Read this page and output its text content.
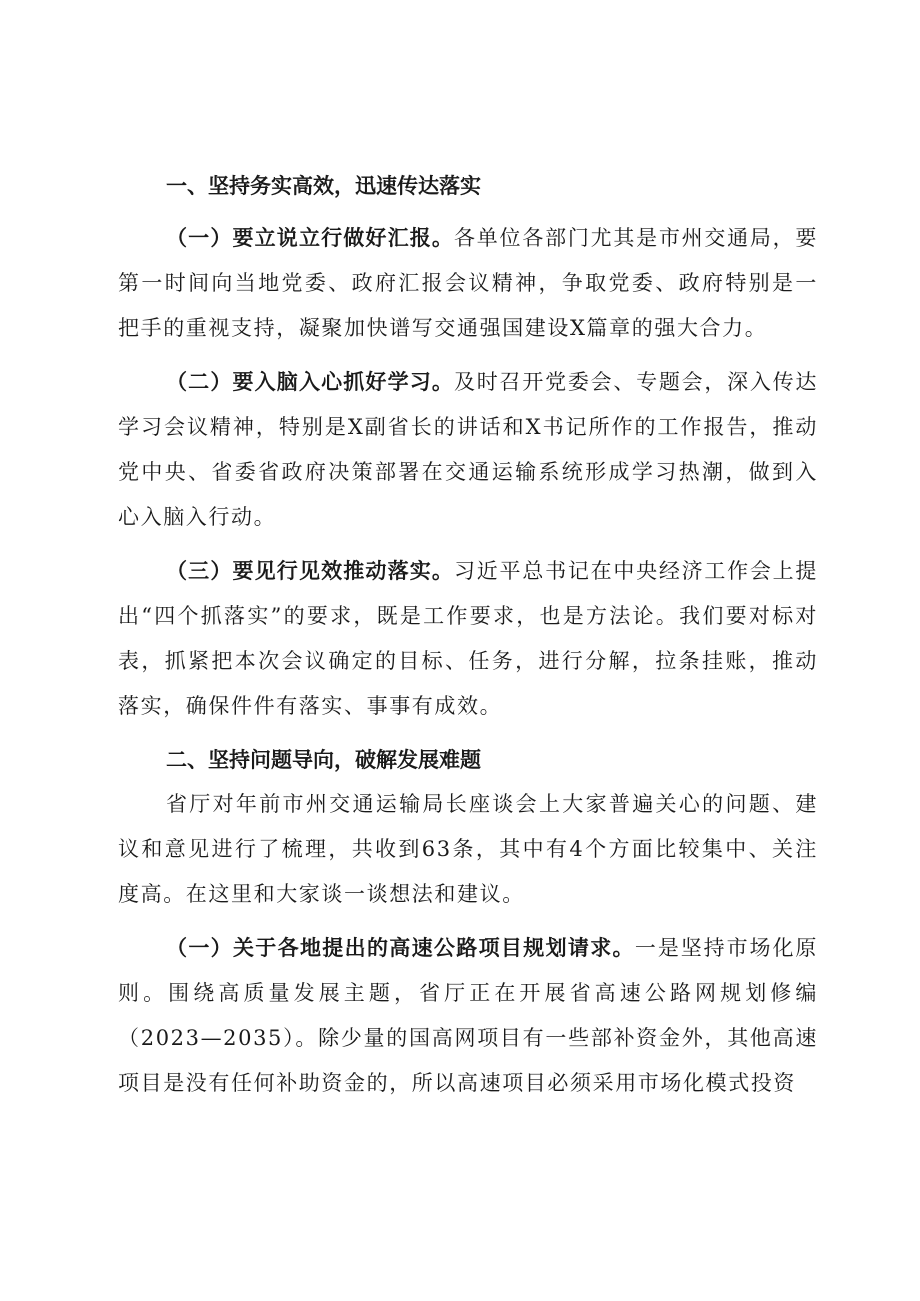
一、坚持务实高效，迅速传达落实

（一）要立说立行做好汇报。各单位各部门尤其是市州交通局，要第一时间向当地党委、政府汇报会议精神，争取党委、政府特别是一把手的重视支持，凝聚加快谱写交通强国建设X篇章的强大合力。

（二）要入脑入心抓好学习。及时召开党委会、专题会，深入传达学习会议精神，特别是X副省长的讲话和X书记所作的工作报告，推动党中央、省委省政府决策部署在交通运输系统形成学习热潮，做到入心入脑入行动。

（三）要见行见效推动落实。习近平总书记在中央经济工作会上提出“四个抓落实”的要求，既是工作要求，也是方法论。我们要对标对表，抓紧把本次会议确定的目标、任务，进行分解，拉条挂账，推动落实，确保件件有落实、事事有成效。

二、坚持问题导向，破解发展难题

省厅对年前市州交通运输局长座谈会上大家普遍关心的问题、建议和意见进行了梳理，共收到63条，其中有4个方面比较集中、关注度高。在这里和大家谈一谈想法和建议。

（一）关于各地提出的高速公路项目规划请求。一是坚持市场化原则。围绕高质量发展主题，省厅正在开展省高速公路网规划修编（2023—2035）。除少量的国高网项目有一些部补资金外，其他高速项目是没有任何补助资金的，所以高速项目必须采用市场化模式投资
